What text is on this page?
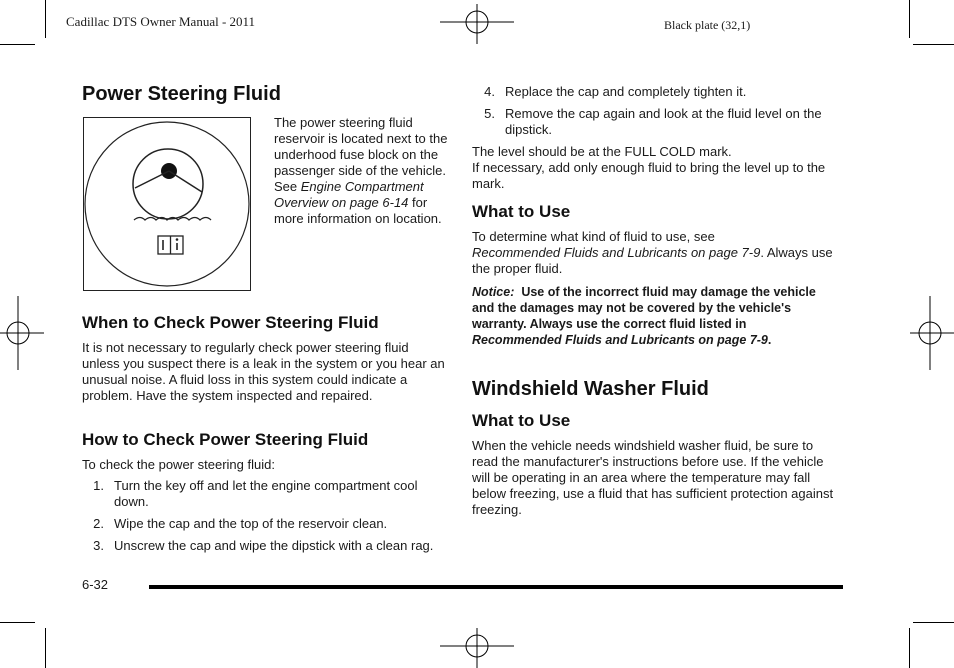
Cadillac DTS Owner Manual - 2011	Black plate (32,1)
Power Steering Fluid
The power steering fluid reservoir is located next to the underhood fuse block on the passenger side of the vehicle. See Engine Compartment Overview on page 6-14 for more information on location.
When to Check Power Steering Fluid
It is not necessary to regularly check power steering fluid unless you suspect there is a leak in the system or you hear an unusual noise. A fluid loss in this system could indicate a problem. Have the system inspected and repaired.
How to Check Power Steering Fluid
To check the power steering fluid:
1. Turn the key off and let the engine compartment cool down.
2. Wipe the cap and the top of the reservoir clean.
3. Unscrew the cap and wipe the dipstick with a clean rag.
4. Replace the cap and completely tighten it.
5. Remove the cap again and look at the fluid level on the dipstick.
The level should be at the FULL COLD mark.
If necessary, add only enough fluid to bring the level up to the mark.
What to Use
To determine what kind of fluid to use, see
Recommended Fluids and Lubricants on page 7-9. Always use the proper fluid.
Notice: Use of the incorrect fluid may damage the vehicle and the damages may not be covered by the vehicle's warranty. Always use the correct fluid listed in Recommended Fluids and Lubricants on page 7-9.
Windshield Washer Fluid
What to Use
When the vehicle needs windshield washer fluid, be sure to read the manufacturer's instructions before use. If the vehicle will be operating in an area where the temperature may fall below freezing, use a fluid that has sufficient protection against freezing.
6-32
